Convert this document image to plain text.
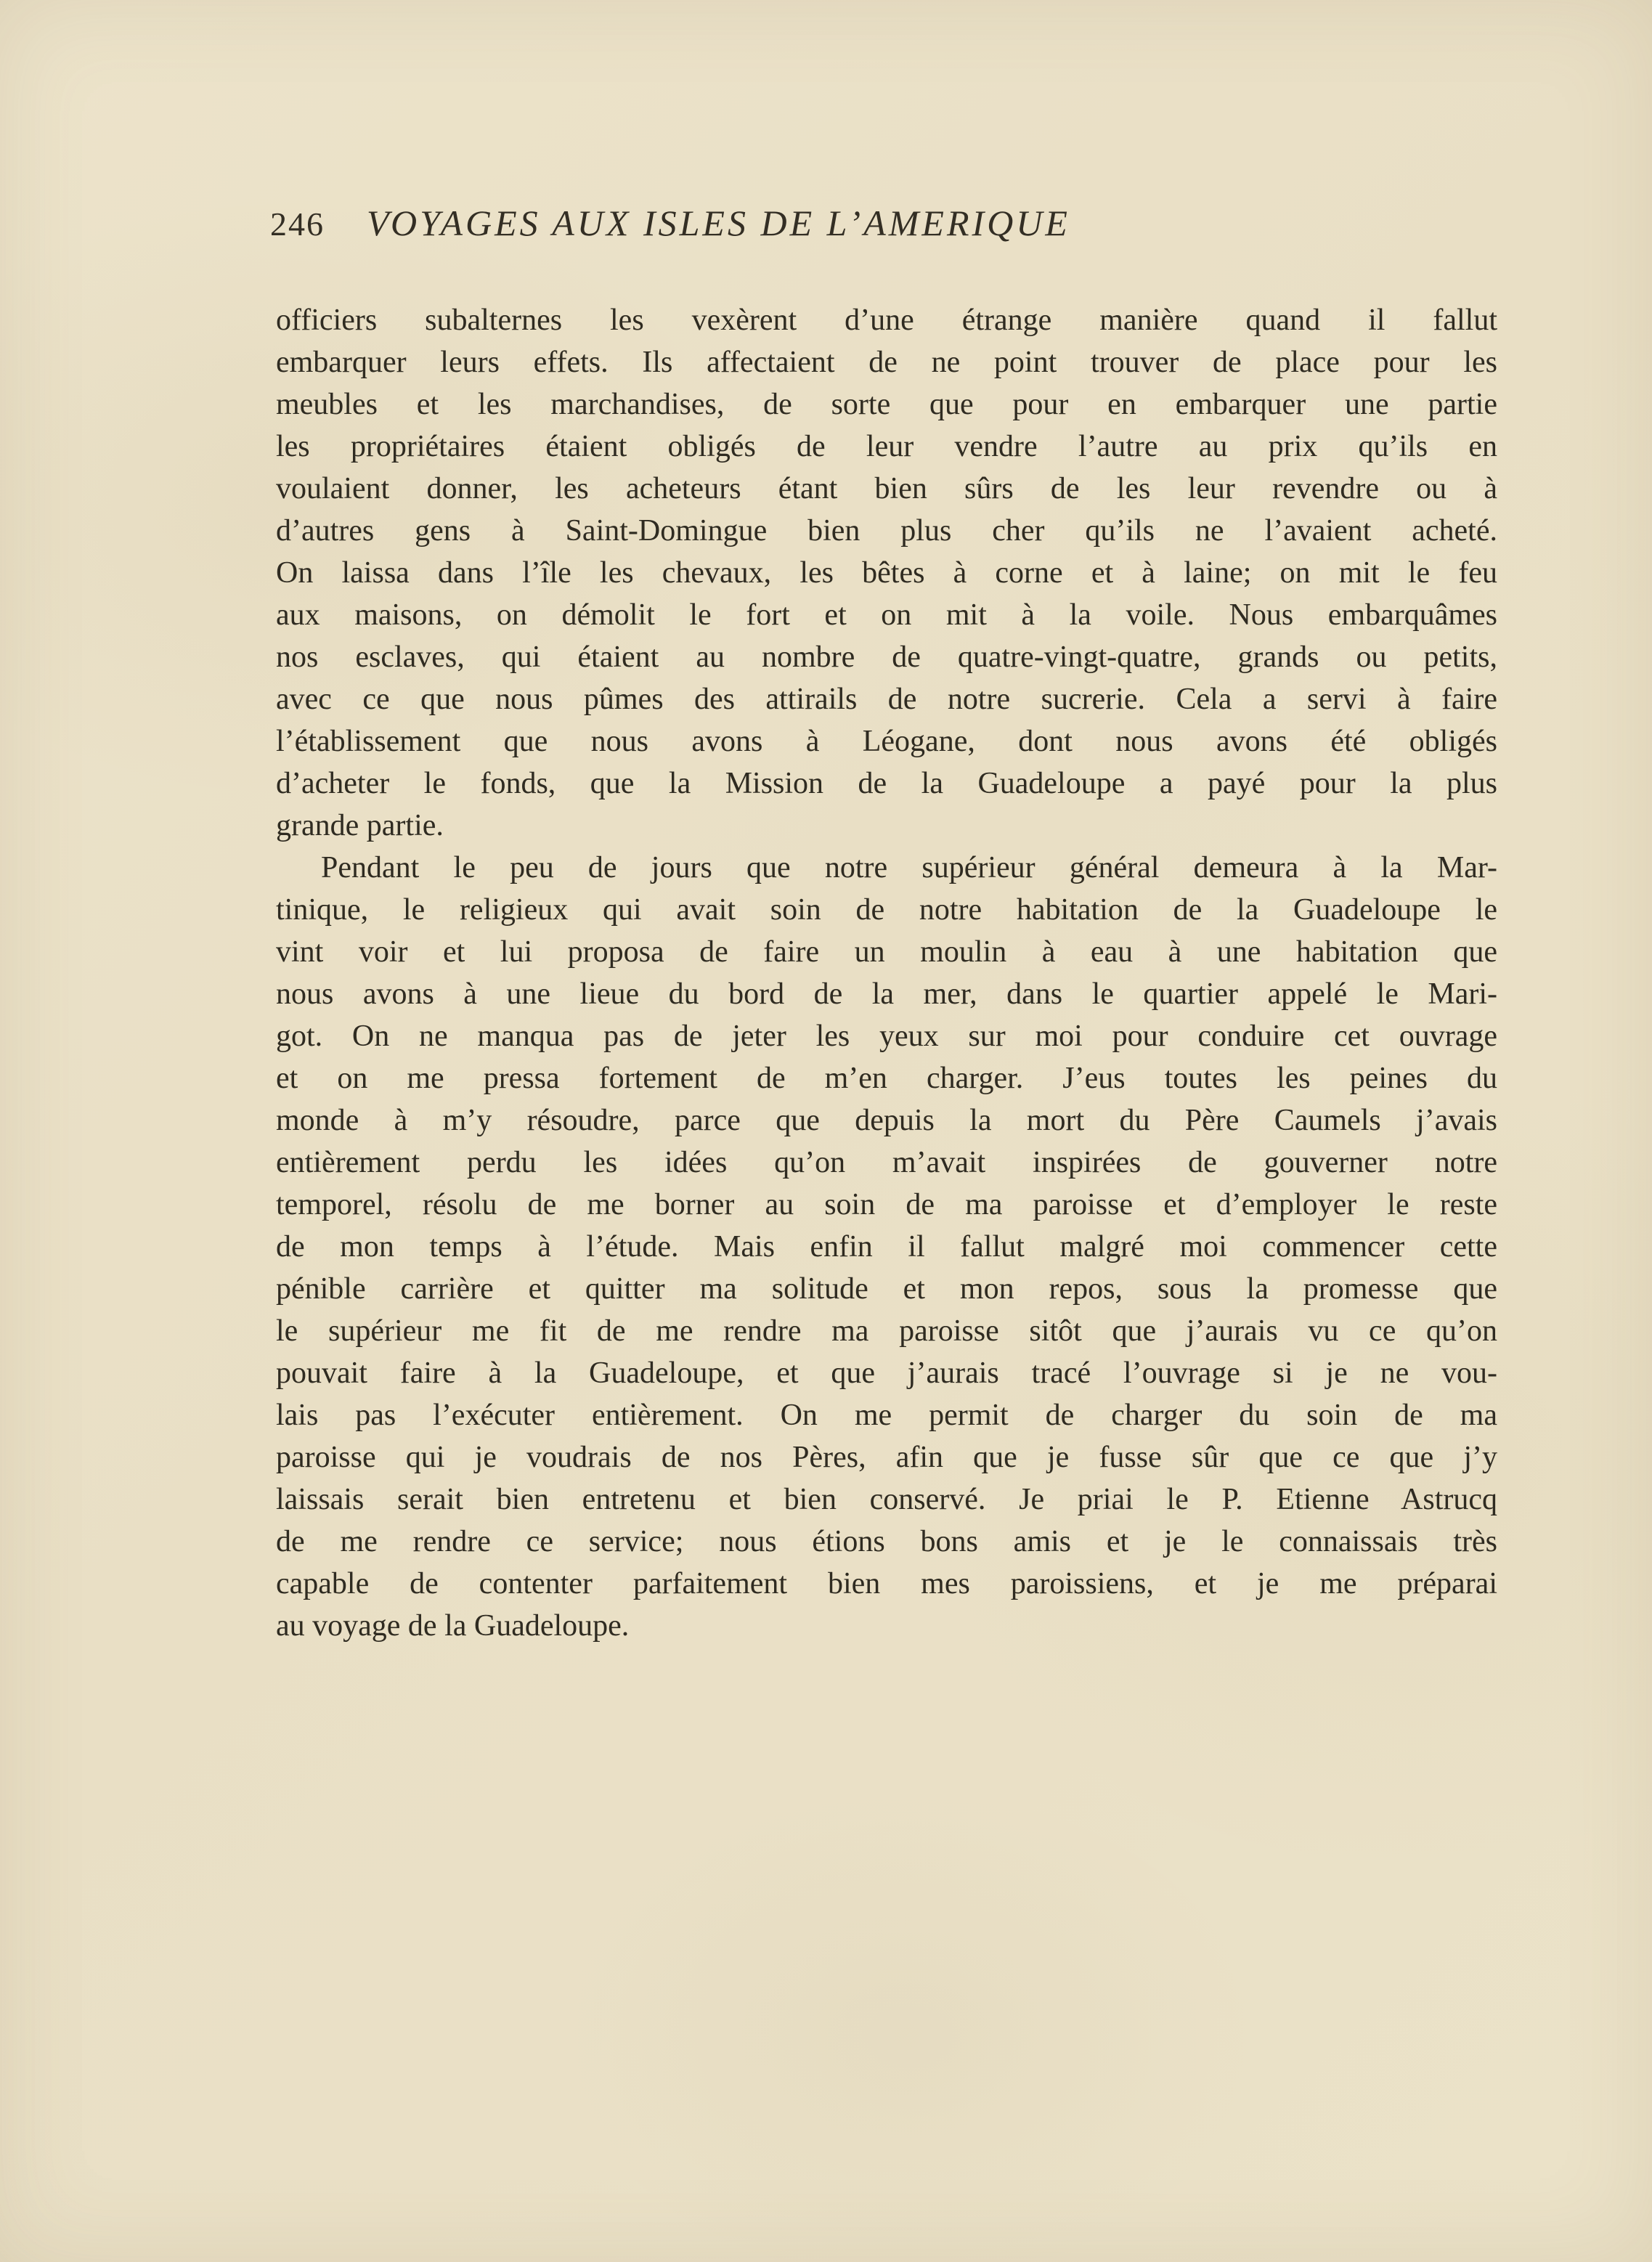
246 VOYAGES AUX ISLES DE L’AMERIQUE
officiers subalternes les vexèrent d’une étrange manière quand il fallut
embarquer leurs effets. Ils affectaient de ne point trouver de place pour les
meubles et les marchandises, de sorte que pour en embarquer une partie
les propriétaires étaient obligés de leur vendre l’autre au prix qu’ils en
voulaient donner, les acheteurs étant bien sûrs de les leur revendre ou à
d’autres gens à Saint-Domingue bien plus cher qu’ils ne l’avaient acheté.
On laissa dans l’île les chevaux, les bêtes à corne et à laine; on mit le feu
aux maisons, on démolit le fort et on mit à la voile. Nous embarquâmes
nos esclaves, qui étaient au nombre de quatre-vingt-quatre, grands ou petits,
avec ce que nous pûmes des attirails de notre sucrerie. Cela a servi à faire
l’établissement que nous avons à Léogane, dont nous avons été obligés
d’acheter le fonds, que la Mission de la Guadeloupe a payé pour la plus
grande partie.
Pendant le peu de jours que notre supérieur général demeura à la Mar-
tinique, le religieux qui avait soin de notre habitation de la Guadeloupe le
vint voir et lui proposa de faire un moulin à eau à une habitation que
nous avons à une lieue du bord de la mer, dans le quartier appelé le Mari-
got. On ne manqua pas de jeter les yeux sur moi pour conduire cet ouvrage
et on me pressa fortement de m’en charger. J’eus toutes les peines du
monde à m’y résoudre, parce que depuis la mort du Père Caumels j’avais
entièrement perdu les idées qu’on m’avait inspirées de gouverner notre
temporel, résolu de me borner au soin de ma paroisse et d’employer le reste
de mon temps à l’étude. Mais enfin il fallut malgré moi commencer cette
pénible carrière et quitter ma solitude et mon repos, sous la promesse que
le supérieur me fit de me rendre ma paroisse sitôt que j’aurais vu ce qu’on
pouvait faire à la Guadeloupe, et que j’aurais tracé l’ouvrage si je ne vou-
lais pas l’exécuter entièrement. On me permit de charger du soin de ma
paroisse qui je voudrais de nos Pères, afin que je fusse sûr que ce que j’y
laissais serait bien entretenu et bien conservé. Je priai le P. Etienne Astrucq
de me rendre ce service; nous étions bons amis et je le connaissais très
capable de contenter parfaitement bien mes paroissiens, et je me préparai
au voyage de la Guadeloupe.
